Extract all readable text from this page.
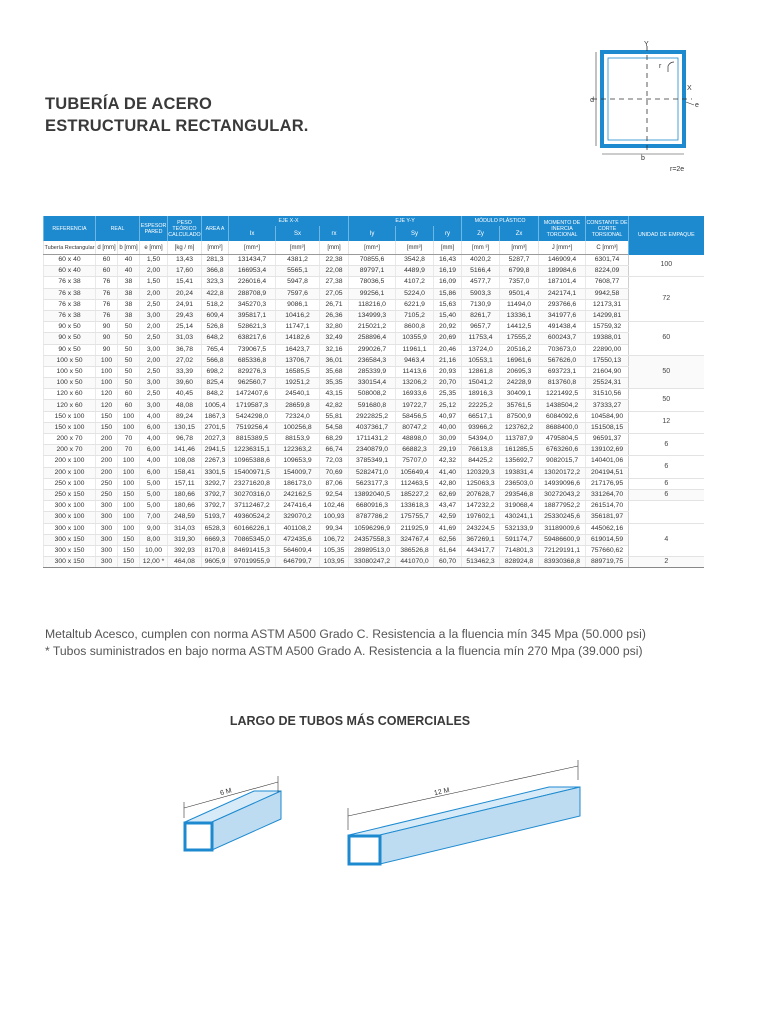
TUBERÍA DE ACERO
ESTRUCTURAL RECTANGULAR.
Y
X
r
e
d
b
r=2e
REFERENCIA	REAL		ESPESOR PARED	PESO TEÓRICO CALCULADO	AREA A	EJE X-X			EJE Y-Y			MÓDULO PLÁSTICO		MOMENTO DE INERCIA TORCIONAL	CONSTANTE DE CORTE TORSIONAL	UNIDAD DE EMPAQUE
						Ix	Sx	rx	Iy	Sy	ry	Zy	Zx			
Tubería Rectangular	d [mm]	b [mm]	e [mm]	[kg / m]	[mm²]	[mm⁴]	[mm³]	[mm]	[mm⁴]	[mm³]	[mm]	[mm ³]	[mm³]	J [mm⁴]	C [mm³]	
60 x 40	60	40	1,50	13,43	281,3	131434,7	4381,2	22,38	70855,6	3542,8	16,43	4020,2	5287,7	146909,4	6301,74	100
60 x 40	60	40	2,00	17,60	366,8	166953,4	5565,1	22,08	89797,1	4489,9	16,19	5166,4	6799,8	189984,6	8224,09	
76 x 38	76	38	1,50	15,41	323,3	226016,4	5947,8	27,38	78036,5	4107,2	16,09	4577,7	7357,0	187101,4	7608,77	72
76 x 38	76	38	2,00	20,24	422,8	288708,9	7597,6	27,05	99256,1	5224,0	15,86	5903,3	9501,4	242174,1	9942,58	
76 x 38	76	38	2,50	24,91	518,2	345270,3	9086,1	26,71	118216,0	6221,9	15,63	7130,9	11494,0	293766,6	12173,31	
76 x 38	76	38	3,00	29,43	609,4	395817,1	10416,2	26,36	134999,3	7105,2	15,40	8261,7	13336,1	341977,6	14299,81	
90 x 50	90	50	2,00	25,14	526,8	528621,3	11747,1	32,80	215021,2	8600,8	20,92	9657,7	14412,5	491438,4	15759,32	60
90 x 50	90	50	2,50	31,03	648,2	638217,6	14182,6	32,49	258896,4	10355,9	20,69	11753,4	17555,2	600243,7	19388,01	
90 x 50	90	50	3,00	36,78	765,4	739067,5	16423,7	32,16	299026,7	11961,1	20,46	13724,0	20516,2	703673,0	22890,00	
100 x 50	100	50	2,00	27,02	566,8	685336,8	13706,7	36,01	236584,3	9463,4	21,16	10553,1	16961,6	567626,0	17550,13	50
100 x 50	100	50	2,50	33,39	698,2	829276,3	16585,5	35,68	285339,9	11413,6	20,93	12861,8	20695,3	693723,1	21604,90	
100 x 50	100	50	3,00	39,60	825,4	962560,7	19251,2	35,35	330154,4	13206,2	20,70	15041,2	24228,9	813760,8	25524,31	
120 x 60	120	60	2,50	40,45	848,2	1472407,6	24540,1	43,15	508008,2	16933,6	25,35	18916,3	30409,1	1221492,5	31510,56	50
120 x 60	120	60	3,00	48,08	1005,4	1719587,3	28659,8	42,82	591680,8	19722,7	25,12	22225,2	35761,5	1438504,2	37333,27	
150 x 100	150	100	4,00	89,24	1867,3	5424298,0	72324,0	55,81	2922825,2	58456,5	40,97	66517,1	87500,9	6084092,6	104584,90	12
150 x 100	150	100	6,00	130,15	2701,5	7519256,4	100256,8	54,58	4037361,7	80747,2	40,00	93966,2	123762,2	8688400,0	151508,15	
200 x 70	200	70	4,00	96,78	2027,3	8815389,5	88153,9	68,29	1711431,2	48898,0	30,09	54394,0	113787,9	4795804,5	96591,37	6
200 x 70	200	70	6,00	141,46	2941,5	12236315,1	122363,2	66,74	2340879,0	66882,3	29,19	76613,8	161285,5	6763260,6	139102,69	
200 x 100	200	100	4,00	108,08	2267,3	10965388,6	109653,9	72,03	3785349,1	75707,0	42,32	84425,2	135692,7	9082015,7	140401,06	6
200 x 100	200	100	6,00	158,41	3301,5	15400971,5	154009,7	70,69	5282471,0	105649,4	41,40	120329,3	193831,4	13020172,2	204194,51	
250 x 100	250	100	5,00	157,11	3292,7	23271620,8	186173,0	87,06	5623177,3	112463,5	42,80	125063,3	236503,0	14939096,6	217176,95	6
250 x 150	250	150	5,00	180,66	3792,7	30270316,0	242162,5	92,54	13892040,5	185227,2	62,69	207628,7	293546,8	30272043,2	331264,70	6
300 x 100	300	100	5,00	180,66	3792,7	37112467,2	247416,4	102,46	6680916,3	133618,3	43,47	147232,2	319068,4	18877952,2	261514,70	
300 x 100	300	100	7,00	248,59	5193,7	49360524,2	329070,2	100,93	8787786,2	175755,7	42,59	197602,1	430241,1	25330245,6	356181,97	
300 x 100	300	100	9,00	314,03	6528,3	60166226,1	401108,2	99,34	10596296,9	211925,9	41,69	243224,5	532133,9	31189009,6	445062,16	4
300 x 150	300	150	8,00	319,30	6669,3	70865345,0	472435,6	106,72	24357558,3	324767,4	62,56	367269,1	591174,7	59486600,9	619014,59	
300 x 150	300	150	10,00	392,93	8170,8	84691415,3	564609,4	105,35	28989513,0	386526,8	61,64	443417,7	714801,3	72129191,1	757660,62	
300 x 150	300	150	12,00 *	464,08	9605,9	97019955,9	646799,7	103,95	33080247,2	441070,0	60,70	513462,3	828924,8	83930368,8	889719,75	2

Metaltub Acesco, cumplen con norma ASTM A500 Grado C. Resistencia a la fluencia mín 345 Mpa (50.000 psi)

* Tubos suministrados en bajo norma ASTM A500 Grado A. Resistencia a la fluencia mín 270 Mpa (39.000 psi)

LARGO DE TUBOS MÁS COMERCIALES
6 M	12 M
